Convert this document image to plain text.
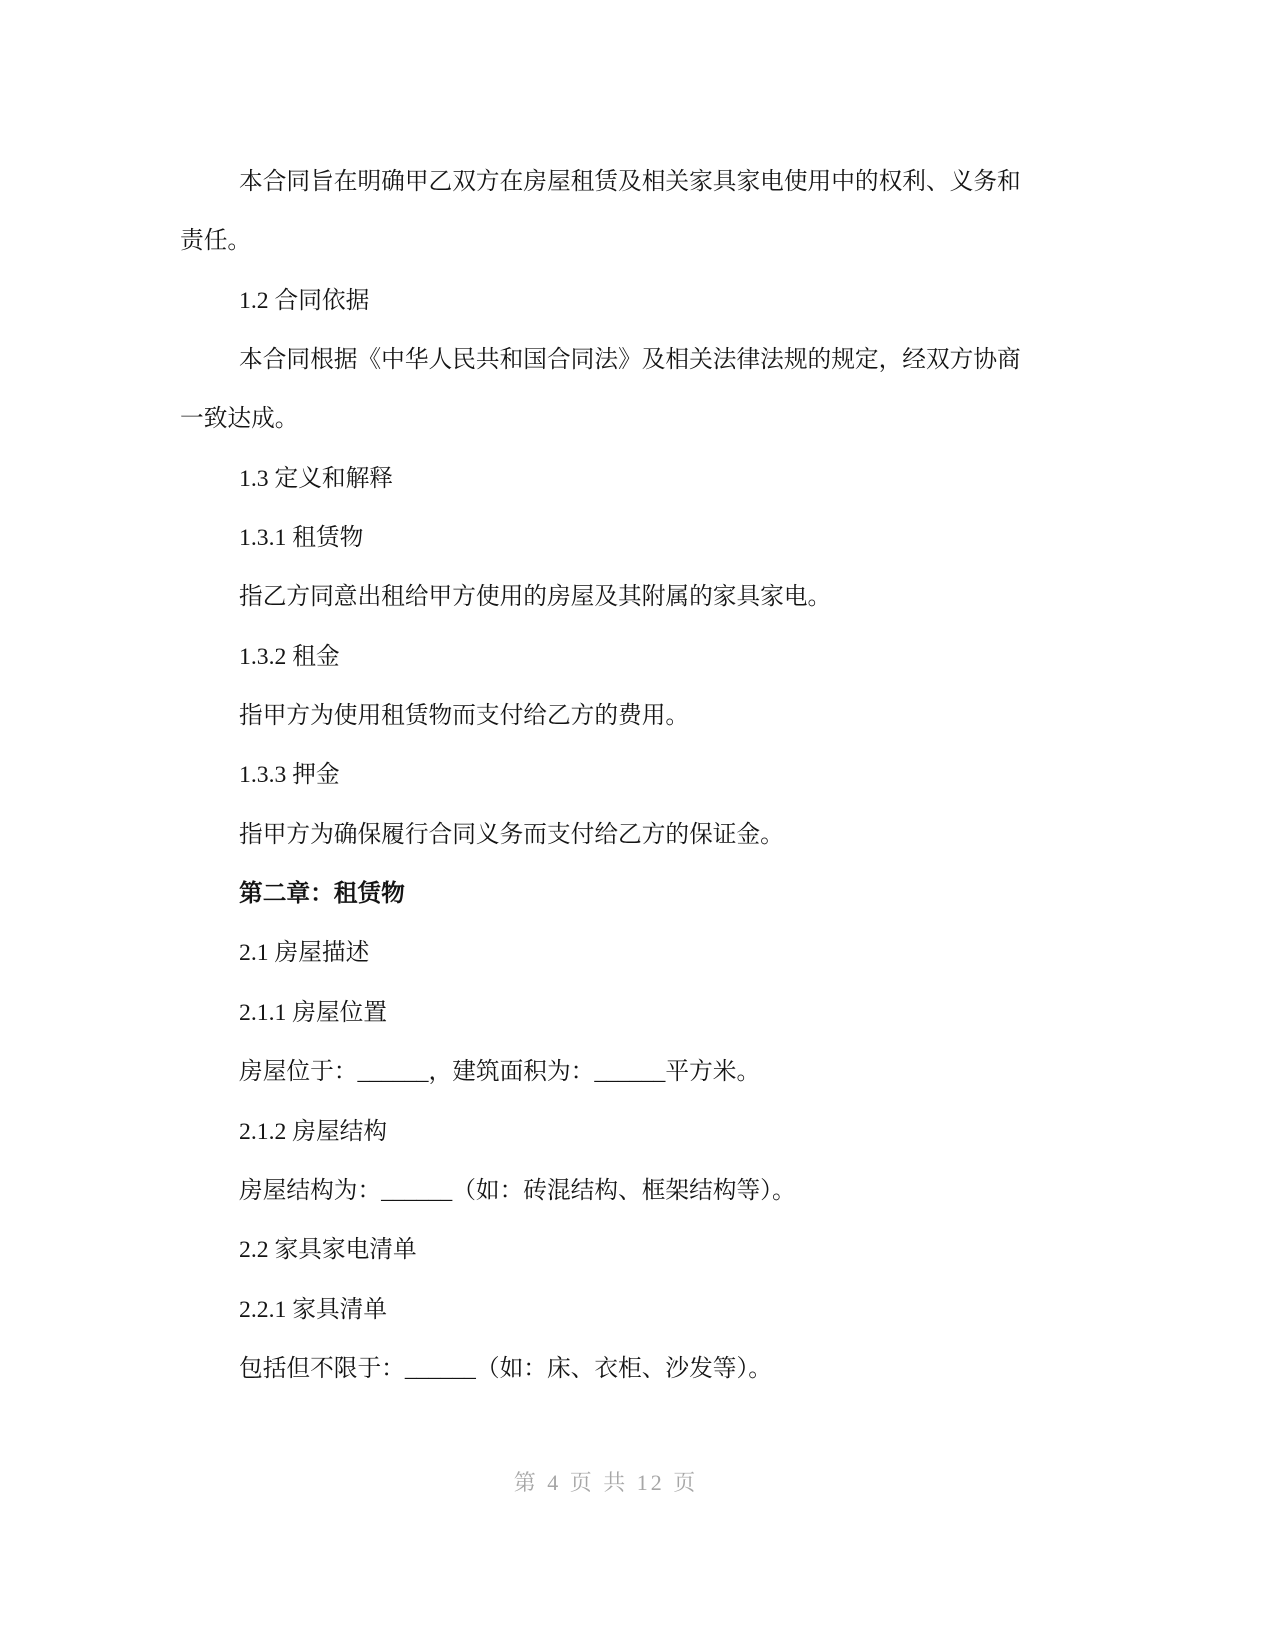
本合同旨在明确甲乙双方在房屋租赁及相关家具家电使用中的权利、义务和
责任。
1.2 合同依据
本合同根据《中华人民共和国合同法》及相关法律法规的规定，经双方协商
一致达成。
1.3 定义和解释
1.3.1 租赁物
指乙方同意出租给甲方使用的房屋及其附属的家具家电。
1.3.2 租金
指甲方为使用租赁物而支付给乙方的费用。
1.3.3 押金
指甲方为确保履行合同义务而支付给乙方的保证金。
第二章：租赁物
2.1 房屋描述
2.1.1 房屋位置
房屋位于：______，建筑面积为：______平方米。
2.1.2 房屋结构
房屋结构为：______（如：砖混结构、框架结构等）。
2.2 家具家电清单
2.2.1 家具清单
包括但不限于：______（如：床、衣柜、沙发等）。
第 4 页 共 12 页
